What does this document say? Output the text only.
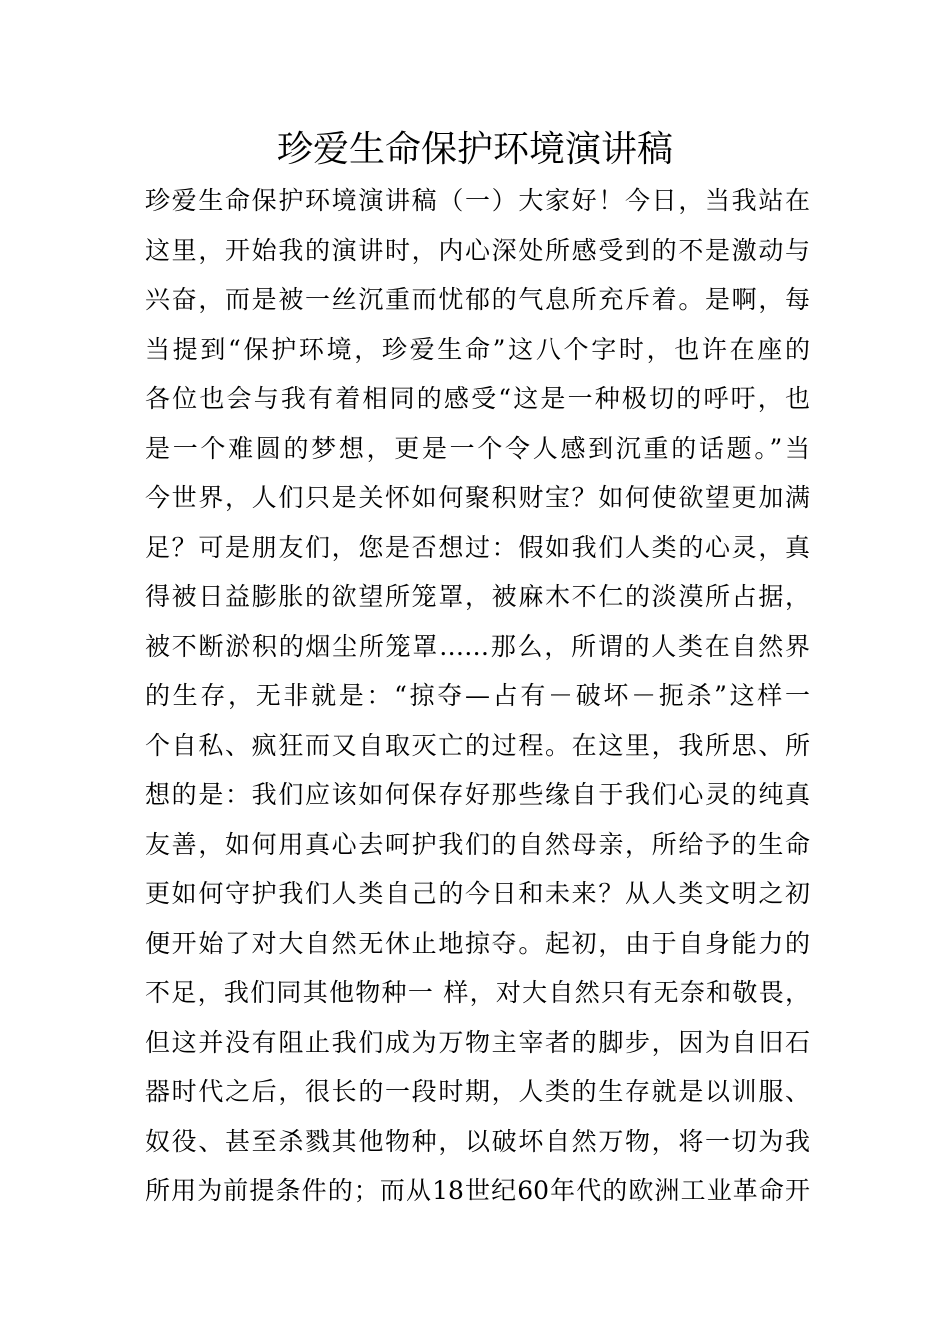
珍爱生命保护环境演讲稿
珍爱生命保护环境演讲稿（一）大家好！今日，当我站在
这里，开始我的演讲时，内心深处所感受到的不是激动与
兴奋，而是被一丝沉重而忧郁的气息所充斥着。是啊，每
当提到“保护环境，珍爱生命”这八个字时，也许在座的
各位也会与我有着相同的感受“这是一种极切的呼吁，也
是一个难圆的梦想，更是一个令人感到沉重的话题。”当
今世界，人们只是关怀如何聚积财宝？如何使欲望更加满
足？可是朋友们，您是否想过：假如我们人类的心灵，真
得被日益膨胀的欲望所笼罩，被麻木不仁的淡漠所占据，
被不断淤积的烟尘所笼罩……那么，所谓的人类在自然界
的生存，无非就是：“掠夺—占有－破坏－扼杀”这样一
个自私、疯狂而又自取灭亡的过程。在这里，我所思、所
想的是：我们应该如何保存好那些缘自于我们心灵的纯真
友善，如何用真心去呵护我们的自然母亲，所给予的生命
更如何守护我们人类自己的今日和未来？从人类文明之初
便开始了对大自然无休止地掠夺。起初，由于自身能力的
不足，我们同其他物种一 样，对大自然只有无奈和敬畏，
但这并没有阻止我们成为万物主宰者的脚步，因为自旧石
器时代之后，很长的一段时期，人类的生存就是以训服、
奴役、甚至杀戮其他物种，以破坏自然万物，将一切为我
所用为前提条件的；而从18世纪60年代的欧洲工业革命开
